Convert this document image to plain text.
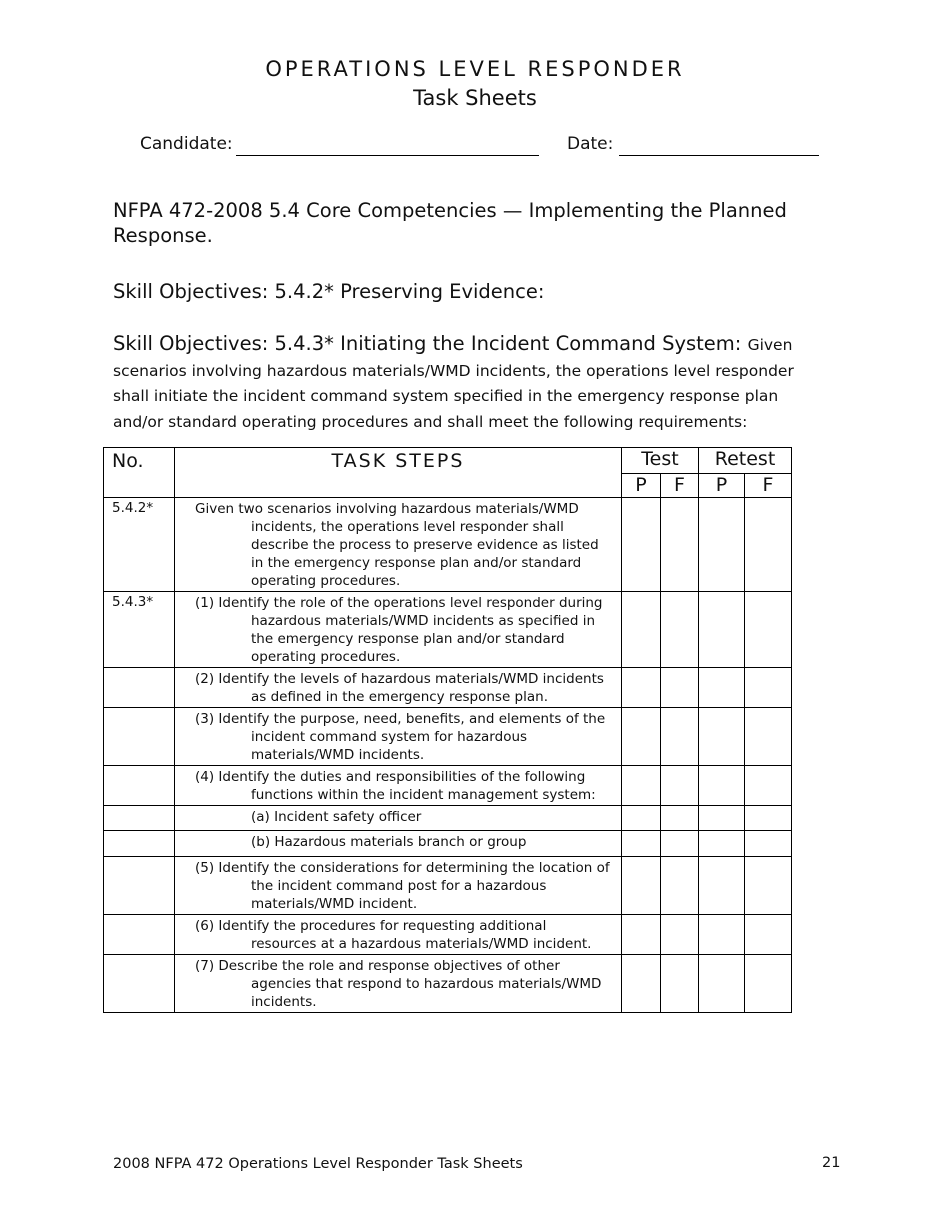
OPERATIONS LEVEL RESPONDER
Task Sheets
Candidate:	Date:
NFPA 472-2008 5.4 Core Competencies — Implementing the Planned Response.
Skill Objectives: 5.4.2* Preserving Evidence:
Skill Objectives: 5.4.3* Initiating the Incident Command System: Given scenarios involving hazardous materials/WMD incidents, the operations level responder shall initiate the incident command system specified in the emergency response plan and/or standard operating procedures and shall meet the following requirements:
No.	TASK STEPS	Test		Retest	
		P	F	P	F
5.4.2*	Given two scenarios involving hazardous materials/WMD incidents, the operations level responder shall describe the process to preserve evidence as listed in the emergency response plan and/or standard operating procedures.				

5.4.3*	(1) Identify the role of the operations level responder during hazardous materials/WMD incidents as specified in the emergency response plan and/or standard operating procedures.				

	(2) Identify the levels of hazardous materials/WMD incidents as defined in the emergency response plan.				

	(3) Identify the purpose, need, benefits, and elements of the incident command system for hazardous materials/WMD incidents.				

	(4) Identify the duties and responsibilities of the following functions within the incident management system:				

	(a) Incident safety officer				

	(b) Hazardous materials branch or group				

	(5) Identify the considerations for determining the location of the incident command post for a hazardous materials/WMD incident.				

	(6) Identify the procedures for requesting additional resources at a hazardous materials/WMD incident.				

	(7) Describe the role and response objectives of other agencies that respond to hazardous materials/WMD incidents.				

2008 NFPA 472 Operations Level Responder Task Sheets	21
